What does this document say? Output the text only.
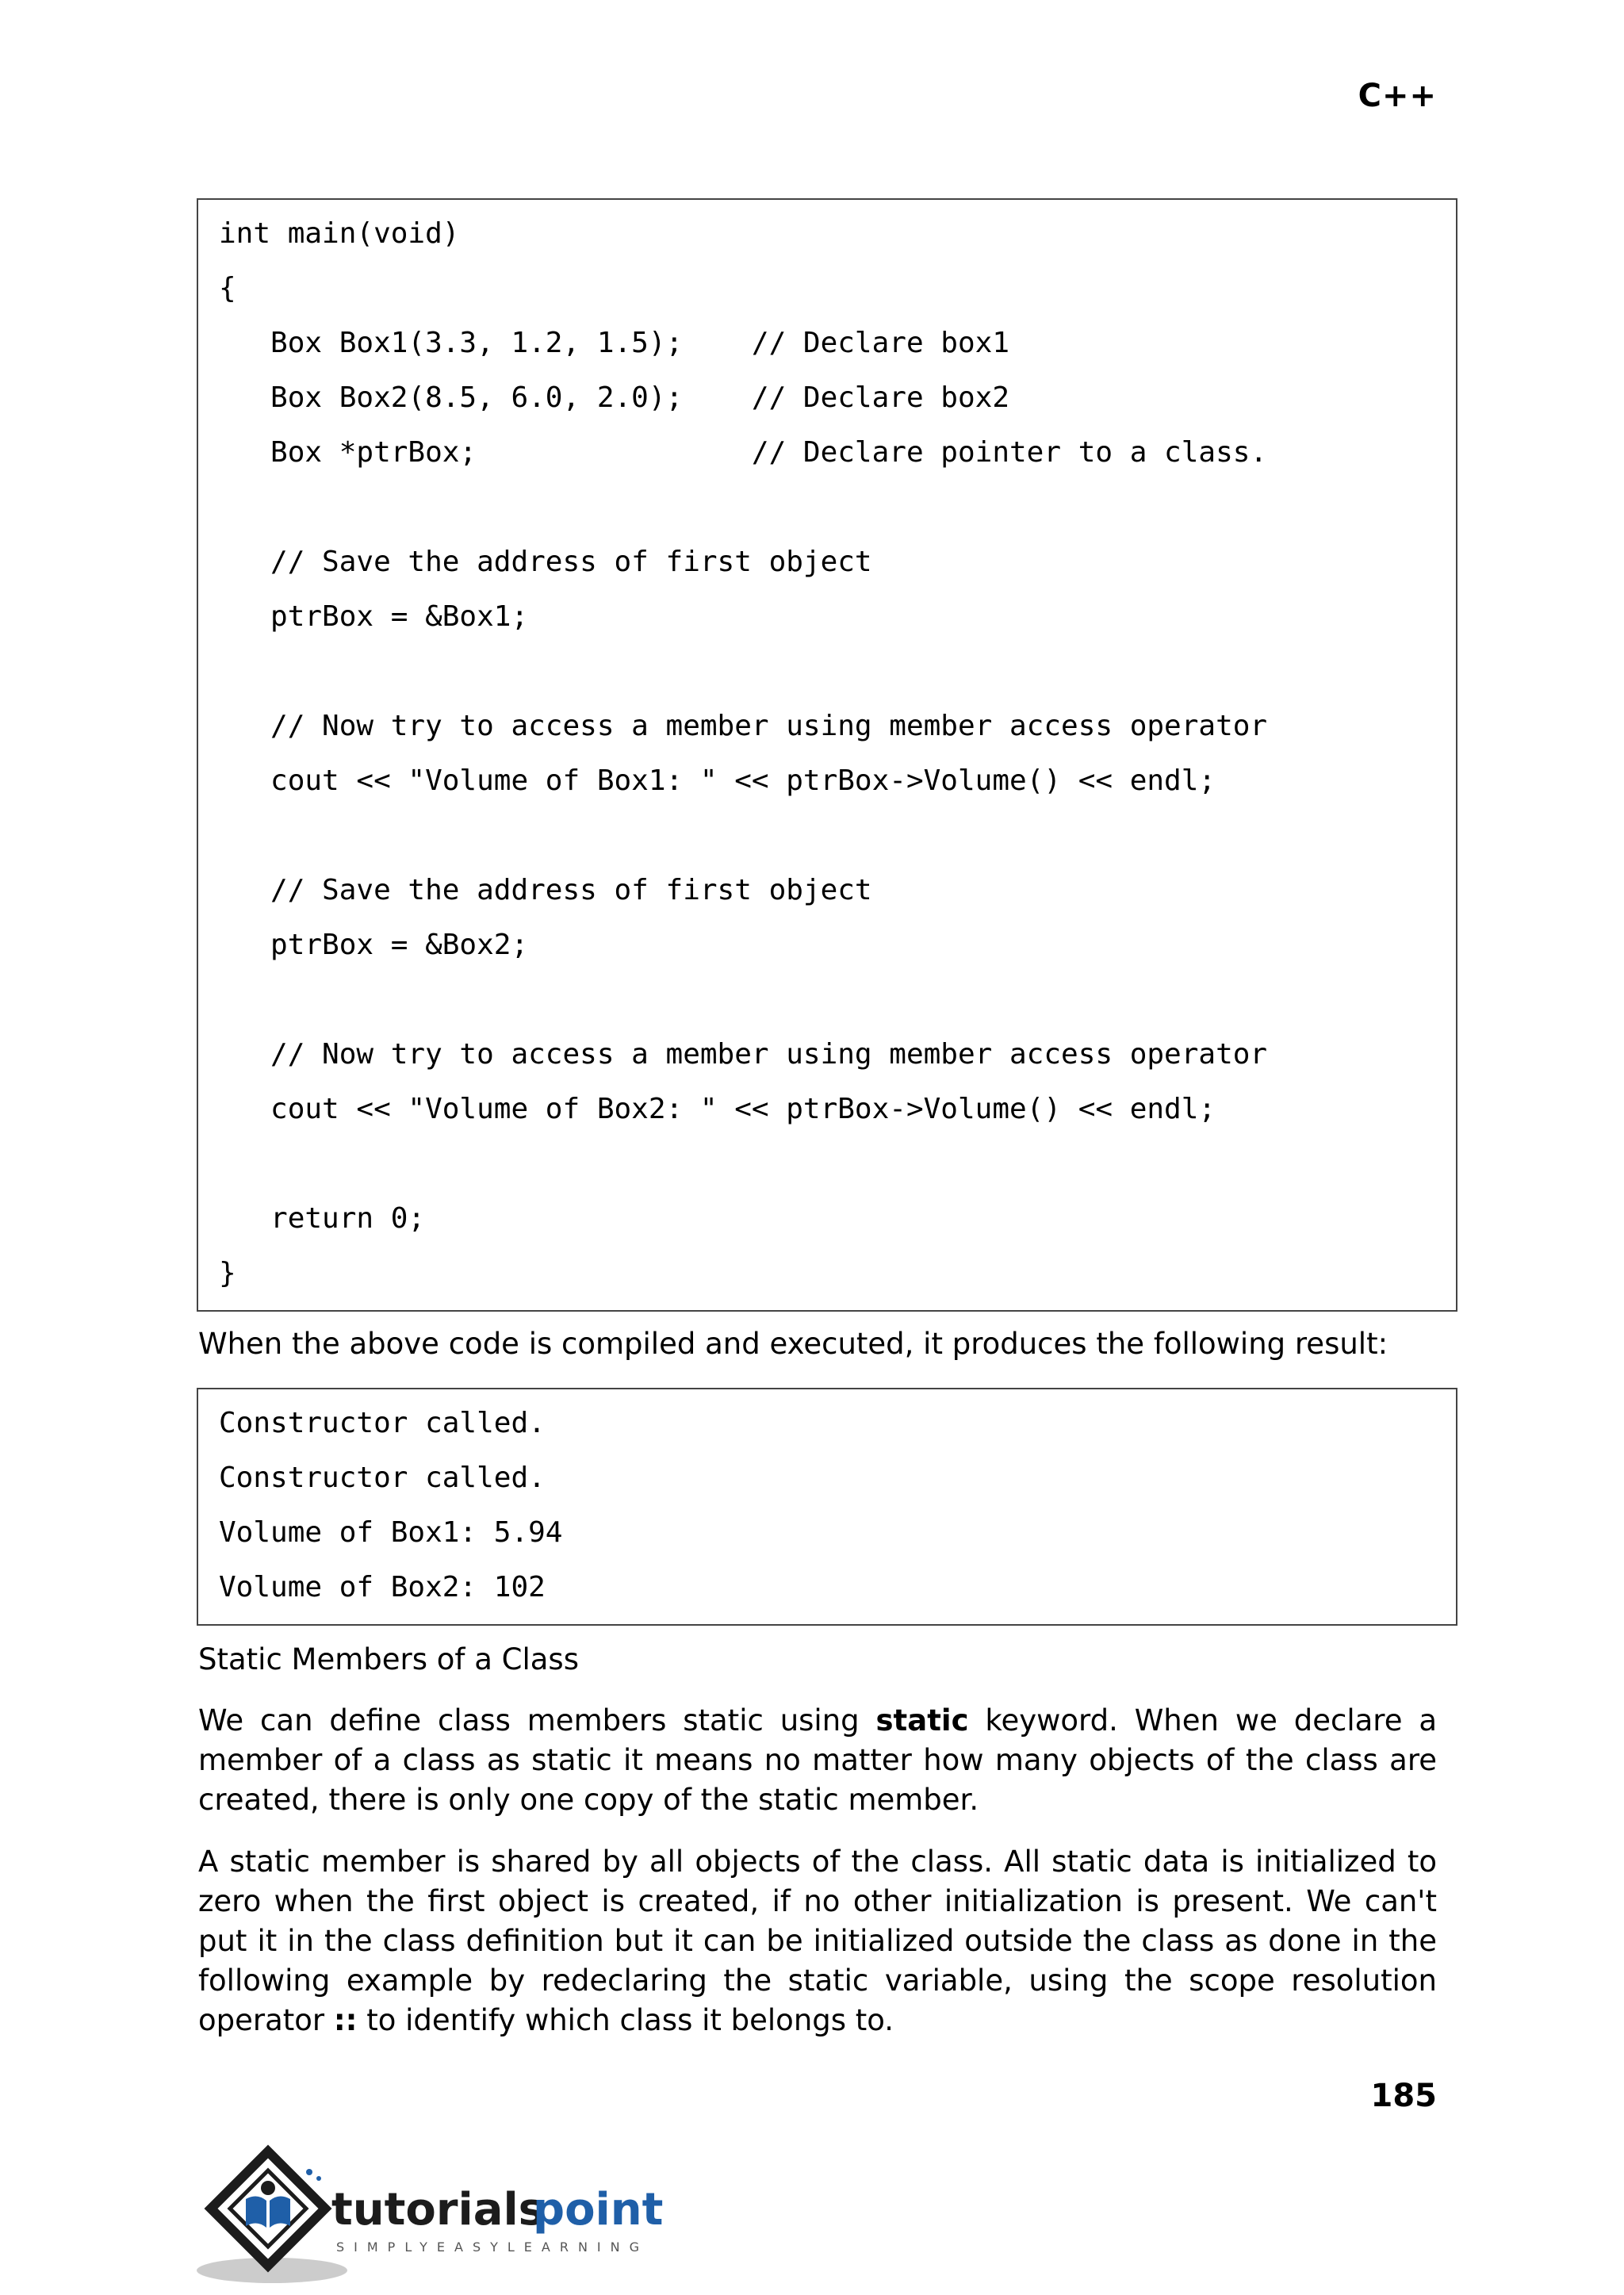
C++
int main(void)
{
Box Box1(3.3, 1.2, 1.5);    // Declare box1
Box Box2(8.5, 6.0, 2.0);    // Declare box2
Box *ptrBox;                // Declare pointer to a class.
// Save the address of first object
ptrBox = &Box1;
// Now try to access a member using member access operator
cout << "Volume of Box1: " << ptrBox->Volume() << endl;
// Save the address of first object
ptrBox = &Box2;
// Now try to access a member using member access operator
cout << "Volume of Box2: " << ptrBox->Volume() << endl;
return 0;
}
When the above code is compiled and executed, it produces the following result:
Constructor called.
Constructor called.
Volume of Box1: 5.94
Volume of Box2: 102
Static Members of a Class
We can define class members static using static keyword. When we declare a member of a class as static it means no matter how many objects of the class are created, there is only one copy of the static member.
A static member is shared by all objects of the class. All static data is initialized to zero when the first object is created, if no other initialization is present. We can't put it in the class definition but it can be initialized outside the class as done in the following example by redeclaring the static variable, using the scope resolution operator :: to identify which class it belongs to.
185
tutorials
point
SIMPLYEASYLEARNING
